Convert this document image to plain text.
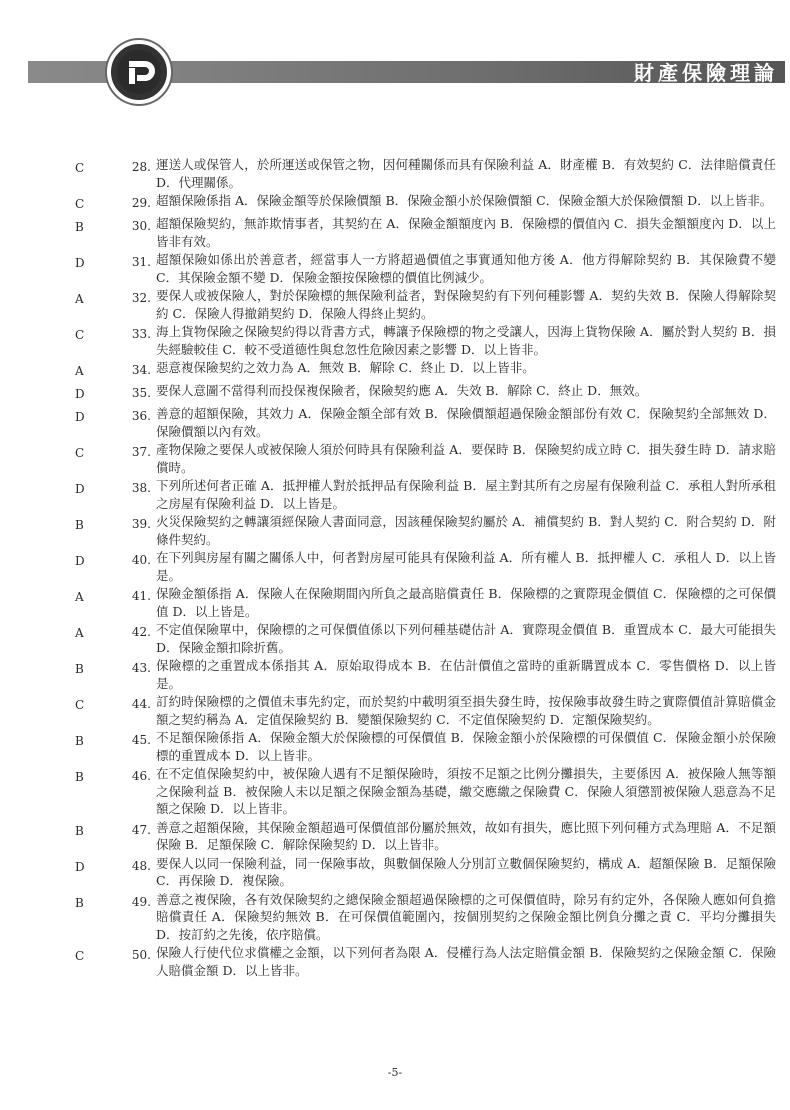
財產保險理論
C	28. 運送人或保管人，於所運送或保管之物，因何種關係而具有保險利益 A．財產權 B．有效契約 C．法律賠償責任 D．代理關係。
C	29. 超額保險係指 A．保險金額等於保險價額 B．保險金額小於保險價額 C．保險金額大於保險價額 D．以上皆非。
B	30. 超額保險契約，無詐欺情事者，其契約在 A．保險金額額度內 B．保險標的價值內 C．損失金額額度內 D．以上皆非有效。
D	31. 超額保險如係出於善意者，經當事人一方將超過價值之事實通知他方後 A．他方得解除契約 B．其保險費不變 C．其保險金額不變 D．保險金額按保險標的價值比例減少。
A	32. 要保人或被保險人，對於保險標的無保險利益者，對保險契約有下列何種影響 A．契約失效 B．保險人得解除契約 C．保險人得撤銷契約 D．保險人得終止契約。
C	33. 海上貨物保險之保險契約得以背書方式，轉讓予保險標的物之受讓人，因海上貨物保險 A．屬於對人契約 B．損失經驗較佳 C．較不受道德性與怠忽性危險因素之影響 D．以上皆非。
A	34. 惡意複保險契約之效力為 A．無效 B．解除 C．終止 D．以上皆非。
D	35. 要保人意圖不當得利而投保複保險者，保險契約應 A．失效 B．解除 C．終止 D．無效。
D	36. 善意的超額保險，其效力 A．保險金額全部有效 B．保險價額超過保險金額部份有效 C．保險契約全部無效 D．保險價額以內有效。
C	37. 產物保險之要保人或被保險人須於何時具有保險利益 A．要保時 B．保險契約成立時 C．損失發生時 D．請求賠償時。
D	38. 下列所述何者正確 A．抵押權人對於抵押品有保險利益 B．屋主對其所有之房屋有保險利益 C．承租人對所承租之房屋有保險利益 D．以上皆是。
B	39. 火災保險契約之轉讓須經保險人書面同意，因該種保險契約屬於 A．補償契約 B．對人契約 C．附合契約 D．附條件契約。
D	40. 在下列與房屋有關之關係人中，何者對房屋可能具有保險利益 A．所有權人 B．抵押權人 C．承租人 D．以上皆是。
A	41. 保險金額係指 A．保險人在保險期間內所負之最高賠償責任 B．保險標的之實際現金價值 C．保險標的之可保價值 D．以上皆是。
A	42. 不定值保險單中，保險標的之可保價值係以下列何種基礎估計 A．實際現金價值 B．重置成本 C．最大可能損失 D．保險金額扣除折舊。
B	43. 保險標的之重置成本係指其 A．原始取得成本 B．在估計價值之當時的重新購置成本 C．零售價格 D．以上皆是。
C	44. 訂約時保險標的之價值未事先約定，而於契約中載明須至損失發生時，按保險事故發生時之實際價值計算賠償金額之契約稱為 A．定值保險契約 B．變額保險契約 C．不定值保險契約 D．定額保險契約。
B	45. 不足額保險係指 A．保險金額大於保險標的可保價值 B．保險金額小於保險標的可保價值 C．保險金額小於保險標的重置成本 D．以上皆非。
B	46. 在不定值保險契約中，被保險人遇有不足額保險時，須按不足額之比例分攤損失，主要係因 A．被保險人無等額之保險利益 B．被保險人未以足額之保險金額為基礎，繳交應繳之保險費 C．保險人須懲罰被保險人惡意為不足額之保險 D．以上皆非。
B	47. 善意之超額保險，其保險金額超過可保價值部份屬於無效，故如有損失，應比照下列何種方式為理賠 A．不足額保險 B．足額保險 C．解除保險契約 D．以上皆非。
D	48. 要保人以同一保險利益，同一保險事故，與數個保險人分別訂立數個保險契約，構成 A．超額保險 B．足額保險 C．再保險 D．複保險。
B	49. 善意之複保險，各有效保險契約之總保險金額超過保險標的之可保價值時，除另有約定外，各保險人應如何負擔賠償責任 A．保險契約無效 B．在可保價值範圍內，按個別契約之保險金額比例負分攤之責 C．平均分攤損失 D．按訂約之先後，依序賠償。
C	50. 保險人行使代位求償權之金額，以下列何者為限 A．侵權行為人法定賠償金額 B．保險契約之保險金額 C．保險人賠償金額 D．以上皆非。
-5-
